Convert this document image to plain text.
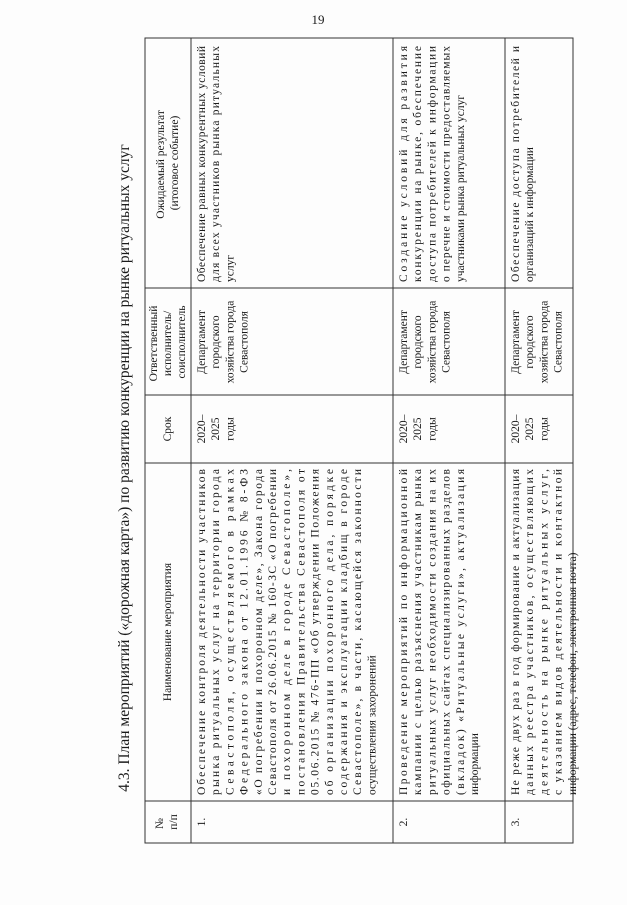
19
4.3. План мероприятий («дорожная карта») по развитию конкуренции на рынке ритуальных услуг
№ п/п
Наименование мероприятия
Срок
Ответственный исполнитель/ соисполнитель
Ожидаемый результат (итоговое событие)
1.
Обеспечение контроля деятельности участниковрынка ритуальных услуг на территории городаСевастополя, осуществляемого в рамкахФедерального закона от 12.01.1996 № 8-ФЗ«О погребении и похоронном деле», Закона городаСевастополя от 26.06.2015 № 160-ЗС «О погребениии похоронном деле в городе Севастополе»,постановления Правительства Севастополя от05.06.2015 № 476-ПП «Об утверждении Положенияоб организации похоронного дела, порядкесодержания и эксплуатации кладбищ в городеСевастополе», в части, касающейся законностиосуществления захоронений
2020– 2025 годы
Департамент городского хозяйства города Севастополя
Обеспечение равных конкурентных условийдля всех участников рынка ритуальныхуслуг
2.
Проведение мероприятий по информационнойкампании с целью разъяснения участникам рынкаритуальных услуг необходимости создания на ихофициальных сайтах специализированных разделов(вкладок) «Ритуальные услуги», актуализацияинформации
2020– 2025 годы
Департамент городского хозяйства города Севастополя
Создание условий для развитияконкуренции на рынке, обеспечениедоступа потребителей к информациио перечне и стоимости предоставляемыхучастниками рынка ритуальных услуг
3.
Не реже двух раз в год формирование и актуализацияданных реестра участников, осуществляющихдеятельность на рынке ритуальных услуг,с указанием видов деятельности и контактнойинформации (адрес, телефон, электронная почта)
2020– 2025 годы
Департамент городского хозяйства города Севастополя
Обеспечение доступа потребителей иорганизаций к информации
